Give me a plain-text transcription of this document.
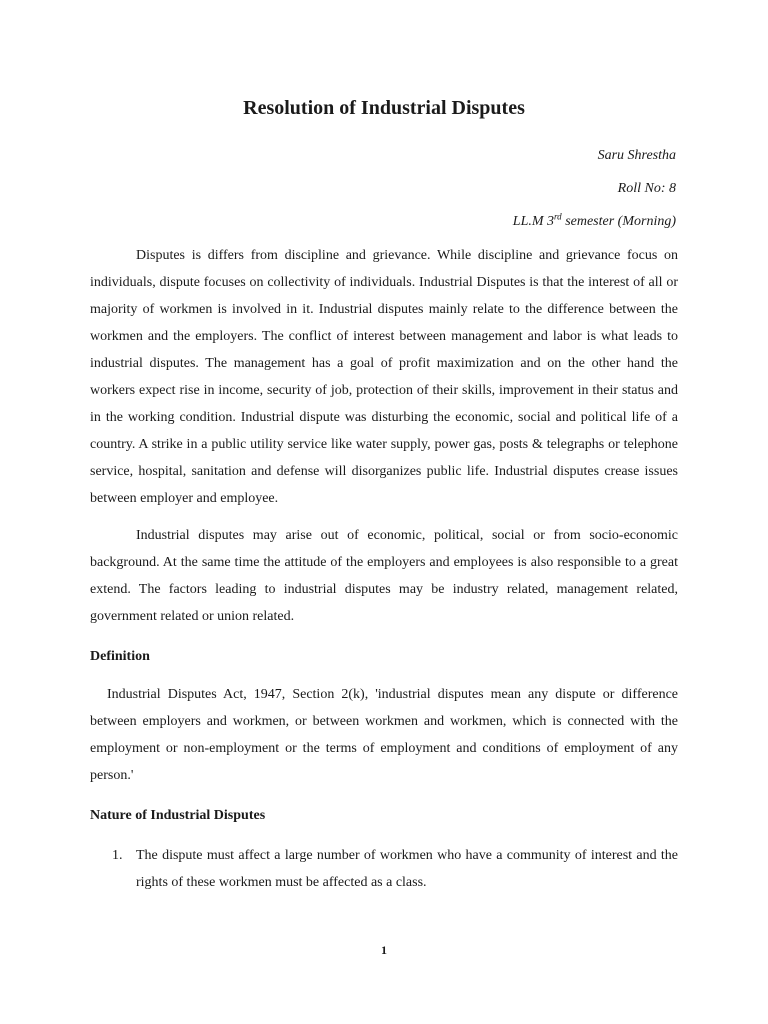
Resolution of Industrial Disputes
Saru Shrestha
Roll No: 8
LL.M 3rd semester (Morning)
Disputes is differs from discipline and grievance. While discipline and grievance focus on individuals, dispute focuses on collectivity of individuals. Industrial Disputes is that the interest of all or majority of workmen is involved in it. Industrial disputes mainly relate to the difference between the workmen and the employers. The conflict of interest between management and labor is what leads to industrial disputes. The management has a goal of profit maximization and on the other hand the workers expect rise in income, security of job, protection of their skills, improvement in their status and in the working condition. Industrial dispute was disturbing the economic, social and political life of a country. A strike in a public utility service like water supply, power gas, posts & telegraphs or telephone service, hospital, sanitation and defense will disorganizes public life. Industrial disputes crease issues between employer and employee.
Industrial disputes may arise out of economic, political, social or from socio-economic background. At the same time the attitude of the employers and employees is also responsible to a great extend. The factors leading to industrial disputes may be industry related, management related, government related or union related.
Definition
Industrial Disputes Act, 1947, Section 2(k), 'industrial disputes mean any dispute or difference between employers and workmen, or between workmen and workmen, which is connected with the employment or non-employment or the terms of employment and conditions of employment of any person.'
Nature of Industrial Disputes
1. The dispute must affect a large number of workmen who have a community of interest and the rights of these workmen must be affected as a class.
1
